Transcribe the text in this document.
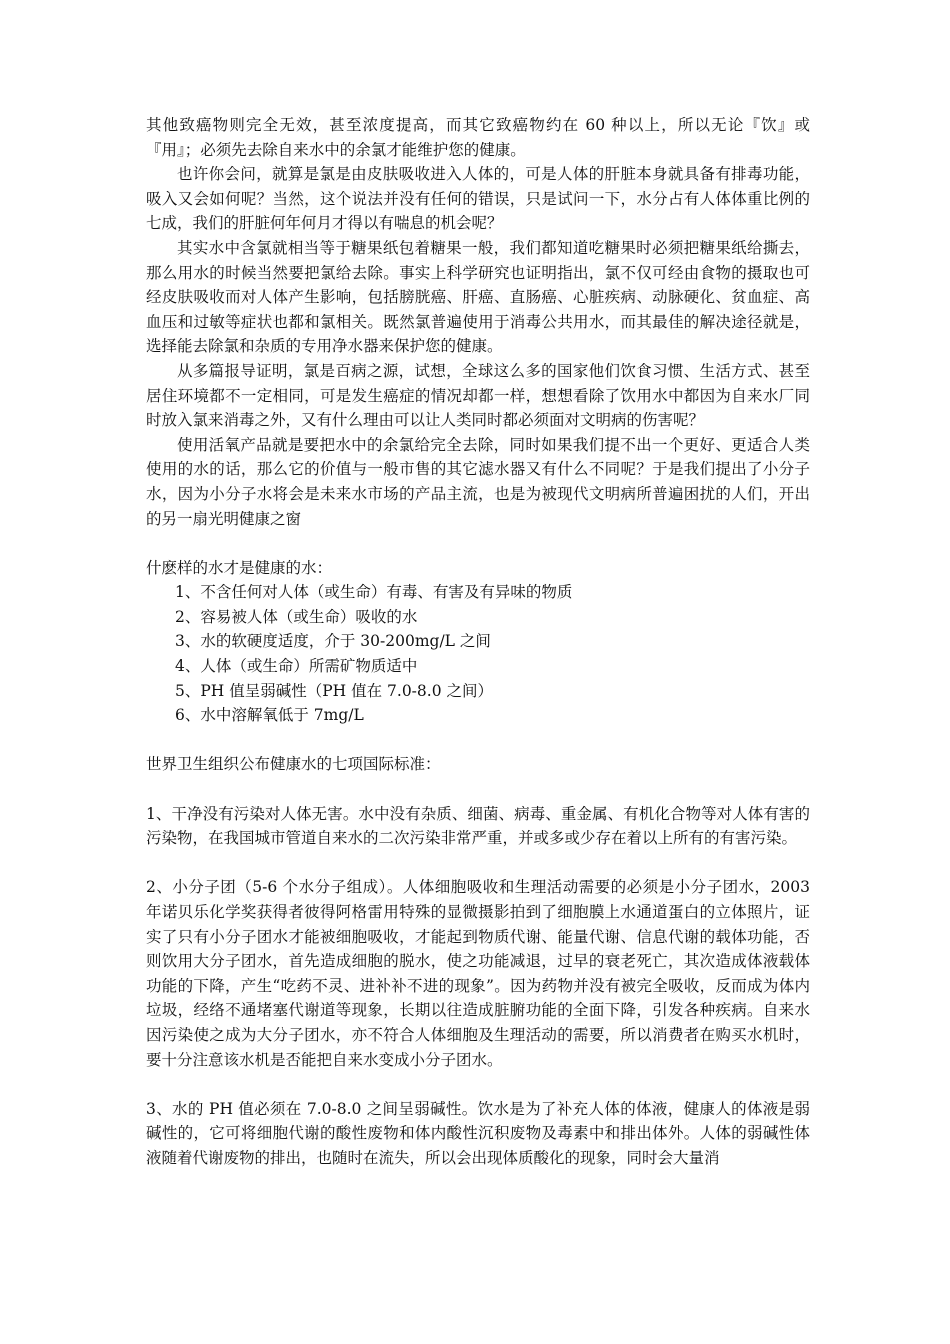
其他致癌物则完全无效，甚至浓度提高，而其它致癌物约在 60 种以上，所以无论『饮』或『用』；必须先去除自来水中的余氯才能维护您的健康。

也许你会问，就算是氯是由皮肤吸收进入人体的，可是人体的肝脏本身就具备有排毒功能，吸入又会如何呢？当然，这个说法并没有任何的错误，只是试问一下，水分占有人体体重比例的七成，我们的肝脏何年何月才得以有喘息的机会呢？

其实水中含氯就相当等于糖果纸包着糖果一般，我们都知道吃糖果时必须把糖果纸给撕去，那么用水的时候当然要把氯给去除。事实上科学研究也证明指出，氯不仅可经由食物的摄取也可经皮肤吸收而对人体产生影响，包括膀胱癌、肝癌、直肠癌、心脏疾病、动脉硬化、贫血症、高血压和过敏等症状也都和氯相关。既然氯普遍使用于消毒公共用水，而其最佳的解决途径就是，选择能去除氯和杂质的专用净水器来保护您的健康。

从多篇报导证明，氯是百病之源，试想，全球这么多的国家他们饮食习惯、生活方式、甚至居住环境都不一定相同，可是发生癌症的情况却都一样，想想看除了饮用水中都因为自来水厂同时放入氯来消毒之外，又有什么理由可以让人类同时都必须面对文明病的伤害呢？

使用活氧产品就是要把水中的余氯给完全去除，同时如果我们提不出一个更好、更适合人类使用的水的话，那么它的价值与一般市售的其它滤水器又有什么不同呢？于是我们提出了小分子水，因为小分子水将会是未来水市场的产品主流，也是为被现代文明病所普遍困扰的人们，开出的另一扇光明健康之窗

什麽样的水才是健康的水：

1、不含任何对人体（或生命）有毒、有害及有异味的物质

2、容易被人体（或生命）吸收的水

3、水的软硬度适度，介于 30-200mg/L 之间

4、人体（或生命）所需矿物质适中

5、PH 值呈弱碱性（PH 值在 7.0-8.0 之间）

6、水中溶解氧低于 7mg/L

世界卫生组织公布健康水的七项国际标准：

1、干净没有污染对人体无害。水中没有杂质、细菌、病毒、重金属、有机化合物等对人体有害的污染物，在我国城市管道自来水的二次污染非常严重，并或多或少存在着以上所有的有害污染。

2、小分子团（5-6 个水分子组成）。人体细胞吸收和生理活动需要的必须是小分子团水，2003 年诺贝乐化学奖获得者彼得阿格雷用特殊的显微摄影拍到了细胞膜上水通道蛋白的立体照片，证实了只有小分子团水才能被细胞吸收，才能起到物质代谢、能量代谢、信息代谢的载体功能，否则饮用大分子团水，首先造成细胞的脱水，使之功能减退，过早的衰老死亡，其次造成体液载体功能的下降，产生“吃药不灵、进补补不进的现象”。因为药物并没有被完全吸收，反而成为体内垃圾，经络不通堵塞代谢道等现象，长期以往造成脏腑功能的全面下降，引发各种疾病。自来水因污染使之成为大分子团水，亦不符合人体细胞及生理活动的需要，所以消费者在购买水机时，要十分注意该水机是否能把自来水变成小分子团水。

3、水的 PH 值必须在 7.0-8.0 之间呈弱碱性。饮水是为了补充人体的体液，健康人的体液是弱碱性的，它可将细胞代谢的酸性废物和体内酸性沉积废物及毒素中和排出体外。人体的弱碱性体液随着代谢废物的排出，也随时在流失，所以会出现体质酸化的现象，同时会大量消
